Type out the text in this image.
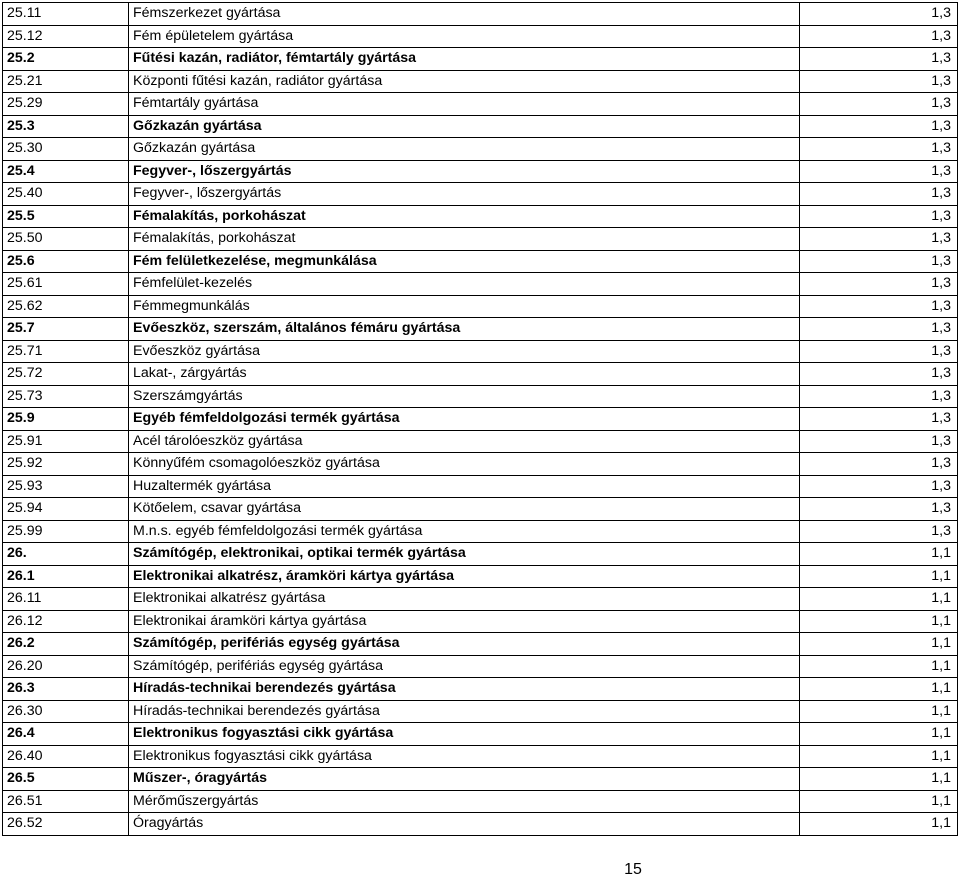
25.11	Fémszerkezet gyártása	1,3
25.12	Fém épületelem gyártása	1,3
25.2	Fűtési kazán, radiátor, fémtartály gyártása	1,3
25.21	Központi fűtési kazán, radiátor gyártása	1,3
25.29	Fémtartály gyártása	1,3
25.3	Gőzkazán gyártása	1,3
25.30	Gőzkazán gyártása	1,3
25.4	Fegyver-, lőszergyártás	1,3
25.40	Fegyver-, lőszergyártás	1,3
25.5	Fémalakítás, porkohászat	1,3
25.50	Fémalakítás, porkohászat	1,3
25.6	Fém felületkezelése, megmunkálása	1,3
25.61	Fémfelület-kezelés	1,3
25.62	Fémmegmunkálás	1,3
25.7	Evőeszköz, szerszám, általános fémáru gyártása	1,3
25.71	Evőeszköz gyártása	1,3
25.72	Lakat-, zárgyártás	1,3
25.73	Szerszámgyártás	1,3
25.9	Egyéb fémfeldolgozási termék gyártása	1,3
25.91	Acél tárolóeszköz gyártása	1,3
25.92	Könnyűfém csomagolóeszköz gyártása	1,3
25.93	Huzaltermék gyártása	1,3
25.94	Kötőelem, csavar gyártása	1,3
25.99	M.n.s. egyéb fémfeldolgozási termék gyártása	1,3
26.	Számítógép, elektronikai, optikai termék gyártása	1,1
26.1	Elektronikai alkatrész, áramköri kártya gyártása	1,1
26.11	Elektronikai alkatrész gyártása	1,1
26.12	Elektronikai áramköri kártya gyártása	1,1
26.2	Számítógép, perifériás egység gyártása	1,1
26.20	Számítógép, perifériás egység gyártása	1,1
26.3	Híradás-technikai berendezés gyártása	1,1
26.30	Híradás-technikai berendezés gyártása	1,1
26.4	Elektronikus fogyasztási cikk gyártása	1,1
26.40	Elektronikus fogyasztási cikk gyártása	1,1
26.5	Műszer-, óragyártás	1,1
26.51	Mérőműszergyártás	1,1
26.52	Óragyártás	1,1
15
